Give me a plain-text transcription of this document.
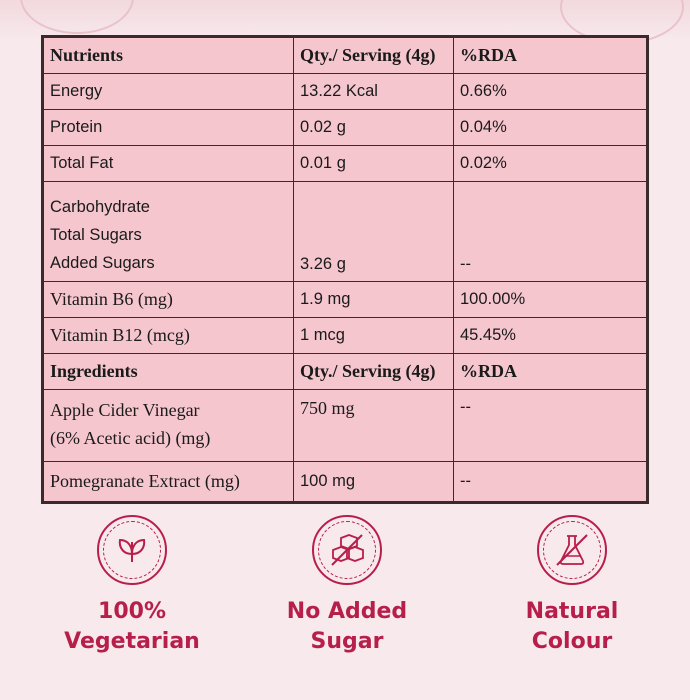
Nutrients	Qty./ Serving (4g)	%RDA
Energy	13.22 Kcal	0.66%
Protein	0.02 g	0.04%
Total Fat	0.01 g	0.02%

Carbohydrate
Total Sugars
Added Sugars	3.26 g	--
Vitamin B6 (mg)	1.9 mg	100.00%
Vitamin B12 (mcg)	1 mcg	45.45%
Ingredients	Qty./ Serving (4g)	%RDA

Apple Cider Vinegar
(6% Acetic acid) (mg)	750 mg	--
Pomegranate Extract (mg)	100 mg	--
100%
Vegetarian
No Added
Sugar
Natural
Colour
